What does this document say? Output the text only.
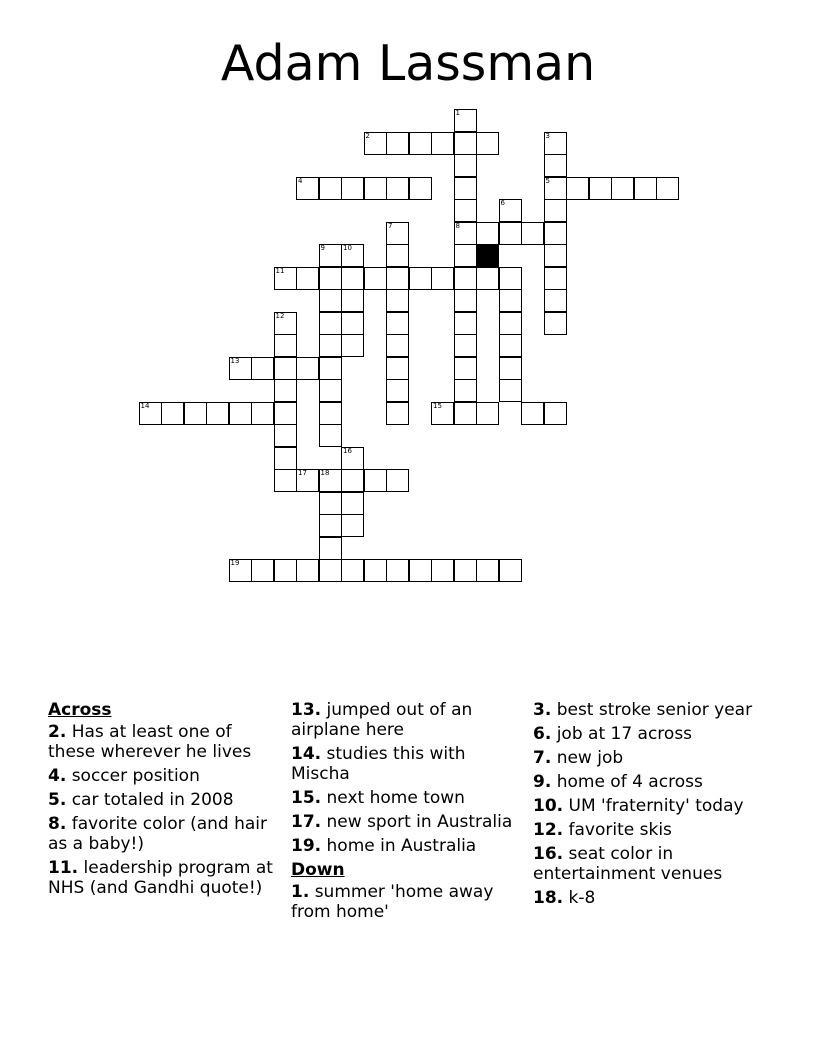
Adam Lassman
1
2	3
4	5
6
7	8
9	10
11
12
13
14	15
16
17 18
19
Across
2. Has at least one of these wherever he lives
4. soccer position
5. car totaled in 2008
8. favorite color (and hair as a baby!)
11. leadership program at NHS (and Gandhi quote!)
13. jumped out of an airplane here
14. studies this with Mischa
15. next home town
17. new sport in Australia
19. home in Australia
Down
1. summer 'home away from home'
3. best stroke senior year
6. job at 17 across
7. new job
9. home of 4 across
10. UM 'fraternity' today
12. favorite skis
16. seat color in entertainment venues
18. k-8
